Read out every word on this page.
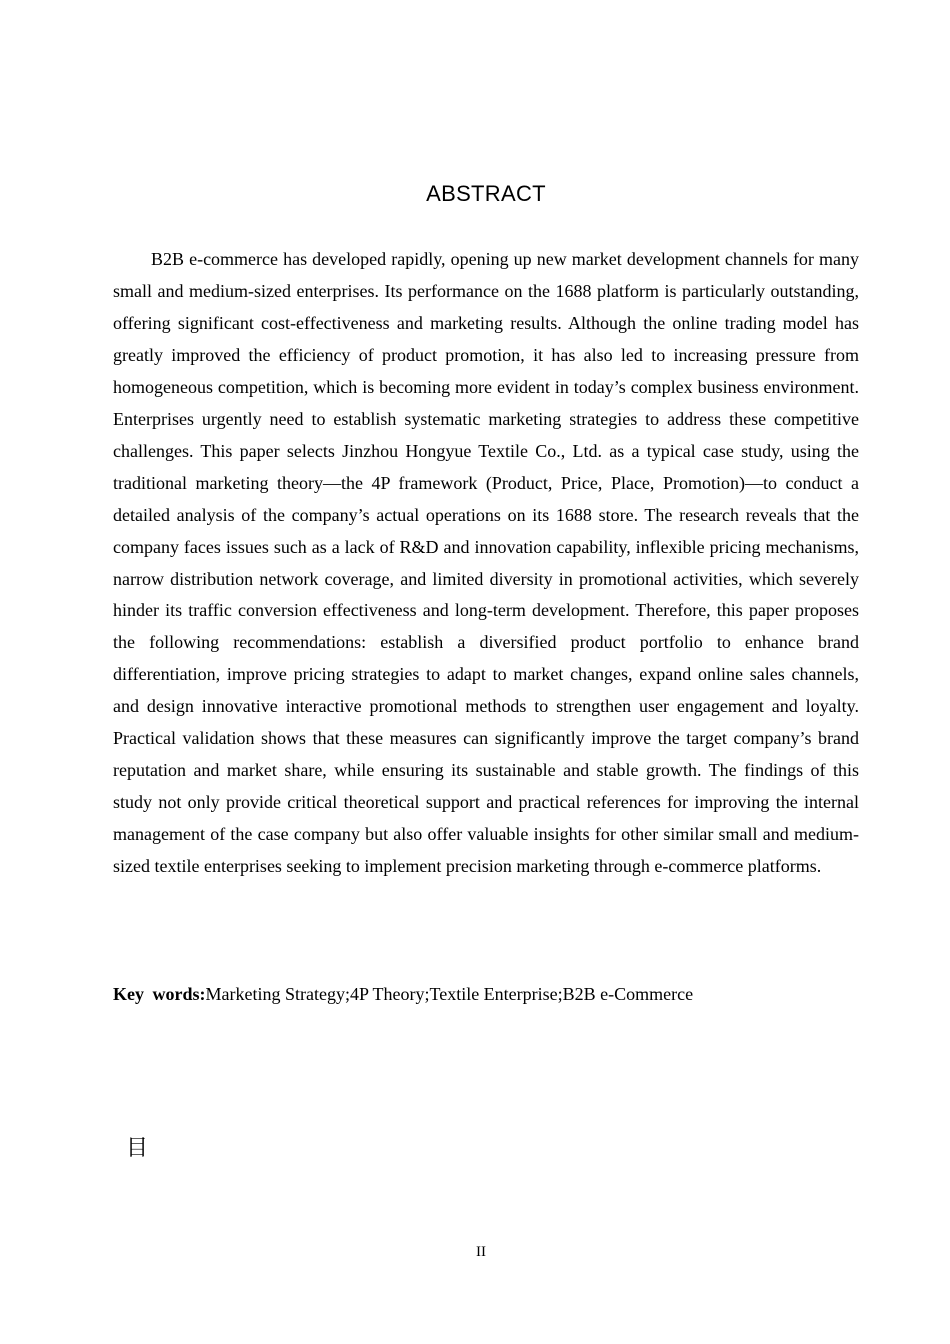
ABSTRACT

B2B e-commerce has developed rapidly, opening up new market development channels for many small and medium-sized enterprises. Its performance on the 1688 platform is particularly outstanding, offering significant cost-effectiveness and marketing results. Although the online trading model has greatly improved the efficiency of product promotion, it has also led to increasing pressure from homogeneous competition, which is becoming more evident in today’s complex business environment. Enterprises urgently need to establish systematic marketing strategies to address these competitive challenges. This paper selects Jinzhou Hongyue Textile Co., Ltd. as a typical case study, using the traditional marketing theory—the 4P framework (Product, Price, Place, Promotion)—to conduct a detailed analysis of the company’s actual operations on its 1688 store. The research reveals that the company faces issues such as a lack of R&D and innovation capability, inflexible pricing mechanisms, narrow distribution network coverage, and limited diversity in promotional activities, which severely hinder its traffic conversion effectiveness and long-term development. Therefore, this paper proposes the following recommendations: establish a diversified product portfolio to enhance brand differentiation, improve pricing strategies to adapt to market changes, expand online sales channels, and design innovative interactive promotional methods to strengthen user engagement and loyalty. Practical validation shows that these measures can significantly improve the target company’s brand reputation and market share, while ensuring its sustainable and stable growth. The findings of this study not only provide critical theoretical support and practical references for improving the internal management of the case company but also offer valuable insights for other similar small and medium-sized textile enterprises seeking to implement precision marketing through e-commerce platforms.

Key words:Marketing Strategy;4P Theory;Textile Enterprise;B2B e-Commerce

目
II
